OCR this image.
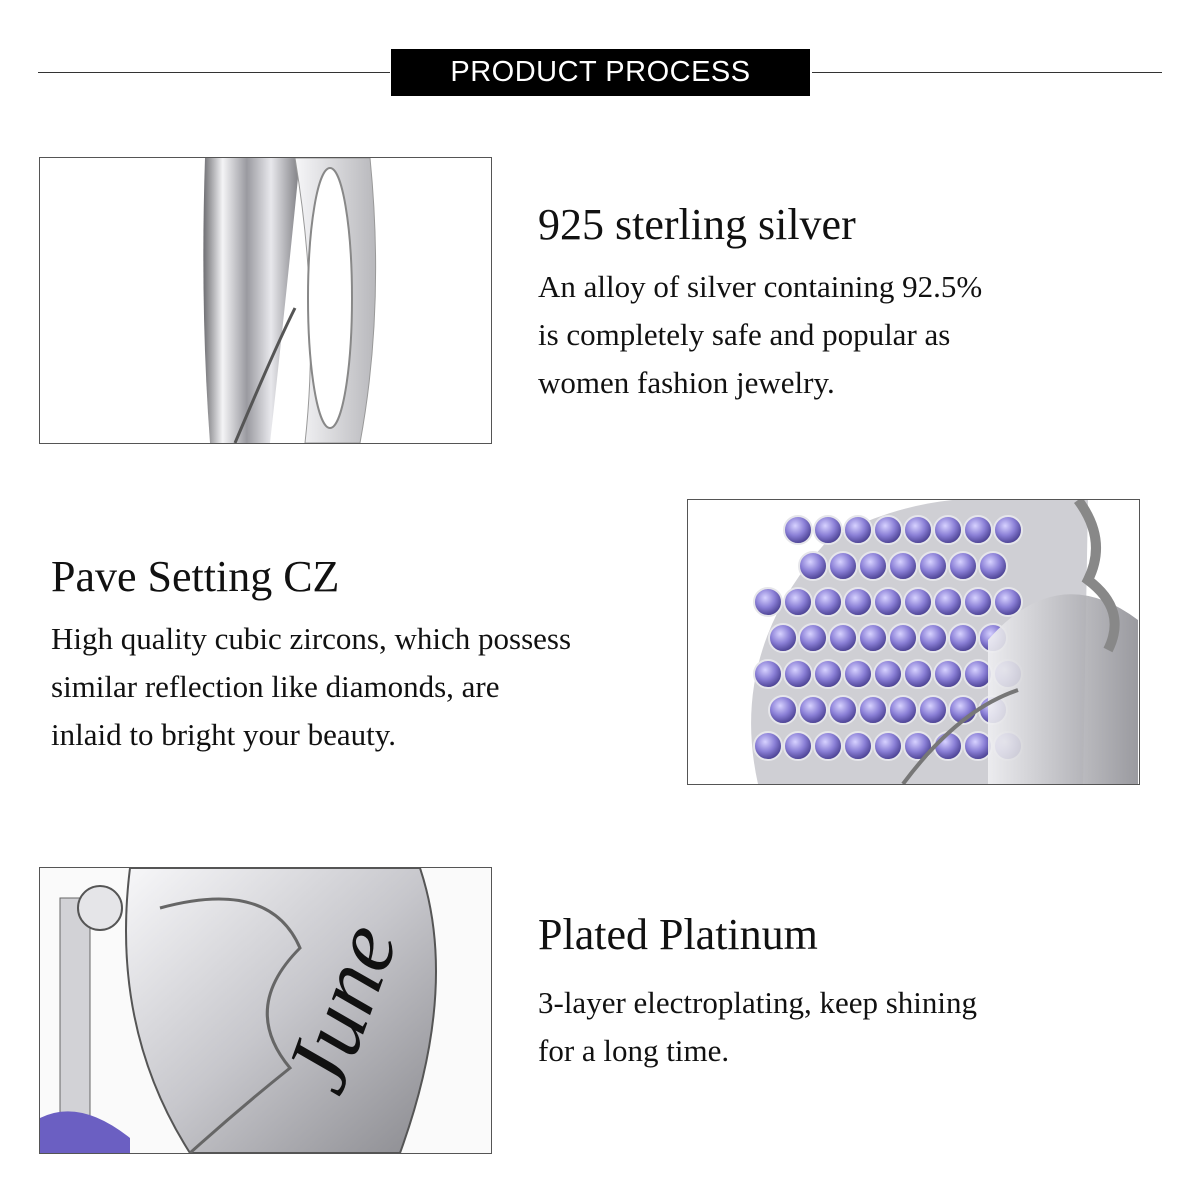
PRODUCT PROCESS
925 sterling silver

An alloy of silver containing 92.5%
is completely safe and popular as
women fashion jewelry.

Pave Setting CZ

High quality cubic zircons, which possess
similar reflection like diamonds, are
inlaid to bright your beauty.

June	Plated Platinum

3-layer electroplating, keep shining
for a long time.
